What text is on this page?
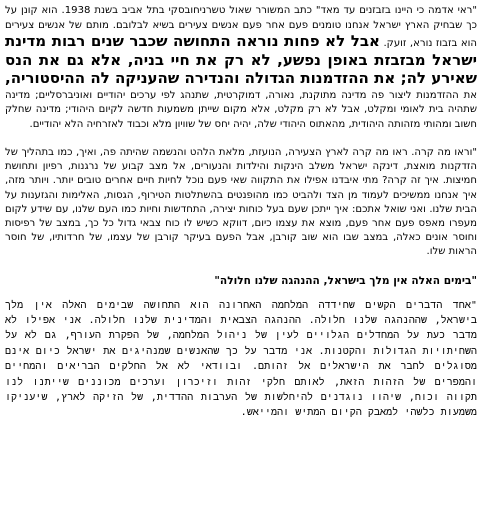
"ראי אדמה כי היינו בזבזנים עד מאד" כתב המשורר שאול טשרניחובסקי בתל אביב בשנת 1938. הוא קונן על כך שבחיק הארץ ישראל אנחנו טומנים פעם אחר פעם אנשים צעירים בשיא לבלובם. מותם של אנשים צעירים הוא בזבוז נורא, זועק. אבל לא פחות נוראה התחושה שכבר שנים רבות מדינת ישראל מבזבזת באופן נפשע, לא רק את חיי בניה, אלא גם את הנס שאירע לה; את ההזדמנות הגדולה והנדירה שהעניקה לה ההיסטוריה, את ההזדמנות ליצור פה מדינה מתוקנת, נאורה, דמוקרטית, שתנהג לפי ערכים יהודיים ואוניברסליים; מדינה שתהיה בית לאומי ומקלט, אבל לא רק מקלט, אלא מקום שייתן משמעות חדשה לקיום היהודי; מדינה שחלק חשוב ומהותי מזהותה היהודית, מהאתוס היהודי שלה, יהיה יחס של שוויון מלא וכבוד לאזרחיה הלא יהודיים.

"וראו מה קרה. ראו מה קרה לארץ הצעירה, הנועזת, מלאת הלהט והנשמה שהיתה פה, ואיך, כמו בתהליך של הזדקנות מואצת, דינקה ישראל משלב הינקות והילדות והנעורים, אל מצב קבוע של נרגנות, רפיון ותחושת חמיצות. איך זה קרה? מתי איבדנו אפילו את התקווה שאי פעם נוכל לחיות חיים אחרים טובים יותר. ויותר מזה, איך אנחנו ממשיכים לעמוד מן הצד ולהביט כמו מהופנטים בהשתלטות הטירוף, הגסות, האלימות והגזענות על הבית שלנו. ואני שואל אתכם: איך ייתכן שעם בעל כוחות יצירה, התחדשות וחיות כמו העם שלנו, עם שידע לקום מעפרו מאפס פעם אחר פעם, מוצא את עצמו כיום, דווקא כשיש לו כוח צבאי גדול כל כך, במצב של רפיסות וחוסר אונים כאלה, במצב שבו הוא שוב קורבן, אבל הפעם בעיקר קורבן של עצמו, של חרדותיו, של חוסר הראות שלו.

"בימים האלה אין מלך בישראל, ההנהגה שלנו חלולה"

"אחד הדברים הקשים שחידדה המלחמה האחרונה הוא התחושה שבימים האלה אין מלך בישראל, שההנהגה שלנו חלולה. ההנהגה הצבאית והמדינית שלנו חלולה. אני אפילו לא מדבר כעת על המחדלים הגלויים לעין של ניהול המלחמה, של הפקרת העורף, גם לא על השחיתויות הגדולות והקטנות. אני מדבר על כך שהאנשים שמנהיגים את ישראל כיום אינם מסוגלים לחבר את הישראלים אל זהותם. ובוודאי לא אל החלקים הבריאים והמחיים והמפרים של הזהות הזאת, לאותם חלקי זהות וזיכרון וערכים מכוננים שייתנו לנו תקווה וכוח, שיהוו נוגדנים להיחלשות של הערבות ההדדית, של הזיקה לארץ, שיעניקו משמעות כלשהי למאבק הקיום המתיש והמייאש.
